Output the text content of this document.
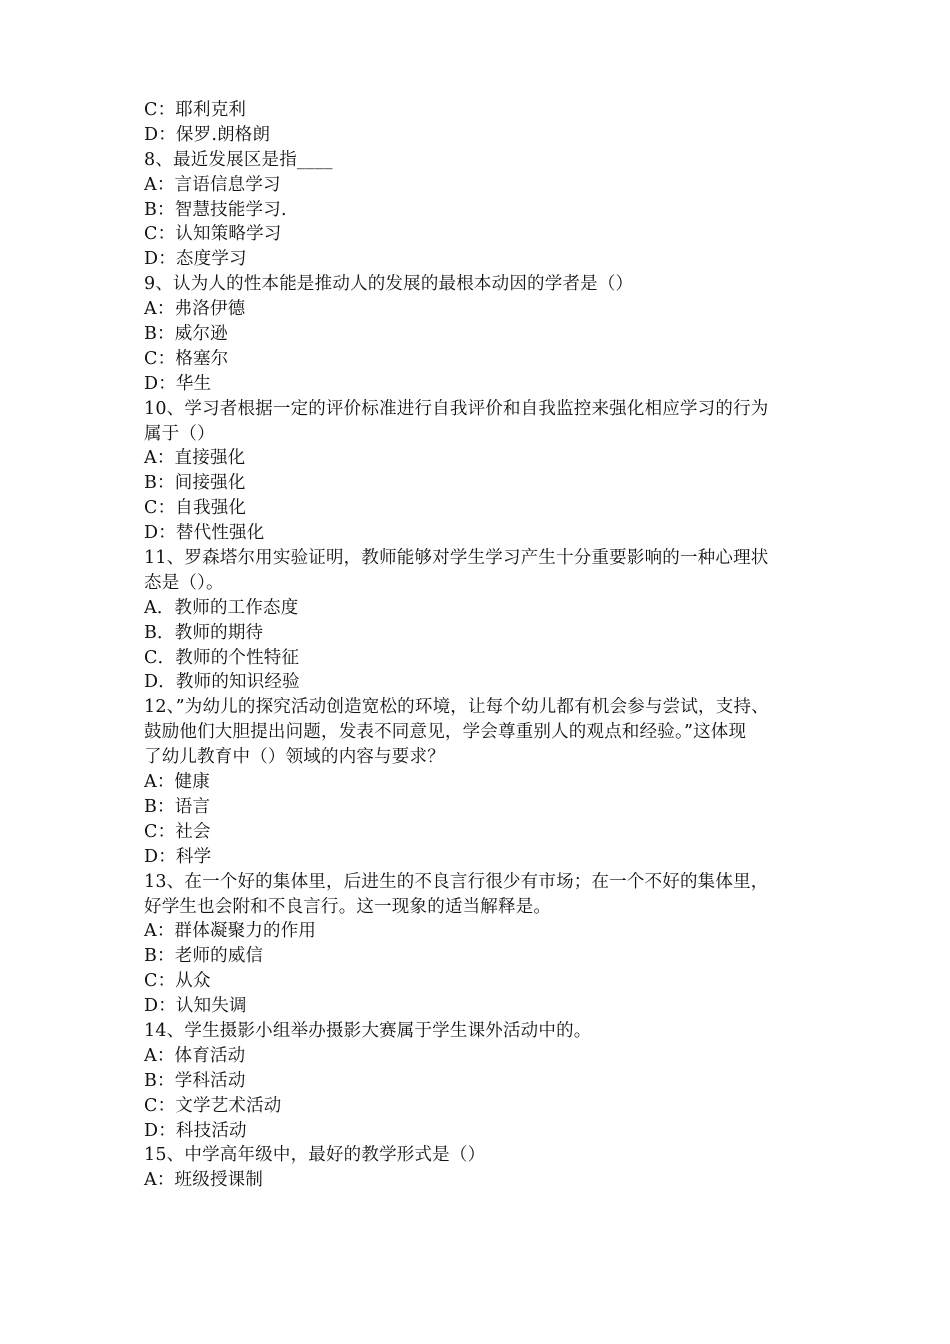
C：耶利克利
D：保罗.朗格朗
8、最近发展区是指____
A：言语信息学习
B：智慧技能学习.
C：认知策略学习
D：态度学习
9、认为人的性本能是推动人的发展的最根本动因的学者是（）
A：弗洛伊德
B：威尔逊
C：格塞尔
D：华生
10、学习者根据一定的评价标准进行自我评价和自我监控来强化相应学习的行为
属于（）
A：直接强化
B：间接强化
C：自我强化
D：替代性强化
11、罗森塔尔用实验证明，教师能够对学生学习产生十分重要影响的一种心理状
态是（）。
A．教师的工作态度
B．教师的期待
C．教师的个性特征
D．教师的知识经验
12、”为幼儿的探究活动创造宽松的环境，让每个幼儿都有机会参与尝试，支持、
鼓励他们大胆提出问题，发表不同意见，学会尊重别人的观点和经验。”这体现
了幼儿教育中（）领域的内容与要求？
A：健康
B：语言
C：社会
D：科学
13、在一个好的集体里，后进生的不良言行很少有市场；在一个不好的集体里，
好学生也会附和不良言行。这一现象的适当解释是。
A：群体凝聚力的作用
B：老师的威信
C：从众
D：认知失调
14、学生摄影小组举办摄影大赛属于学生课外活动中的。
A：体育活动
B：学科活动
C：文学艺术活动
D：科技活动
15、中学高年级中，最好的教学形式是（）
A：班级授课制
